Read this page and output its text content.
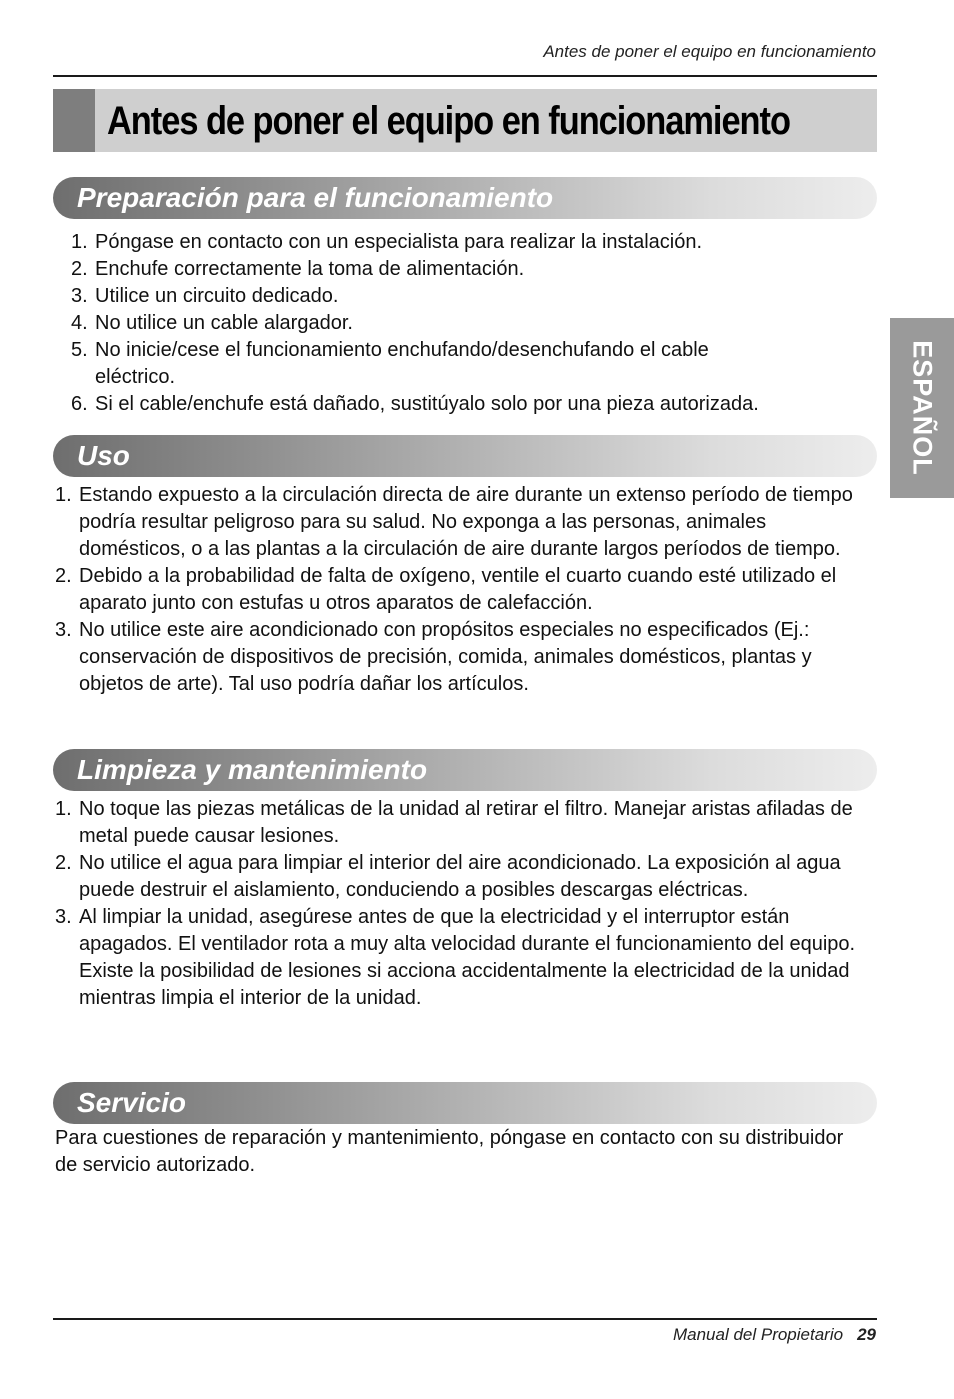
Antes de poner el equipo en funcionamiento
Antes de poner el equipo en funcionamiento
Preparación para el funcionamiento
1. Póngase en contacto con un especialista para realizar la instalación.
2. Enchufe correctamente la toma de alimentación.
3. Utilice un circuito dedicado.
4. No utilice un cable alargador.
5. No inicie/cese el funcionamiento enchufando/desenchufando el cable eléctrico.
6. Si el cable/enchufe está dañado, sustitúyalo solo por una pieza autorizada.
Uso
1. Estando expuesto a la circulación directa de aire durante un extenso período de tiempo podría resultar peligroso para su salud. No exponga a las personas, animales domésticos, o a las plantas a la circulación de aire durante largos períodos de tiempo.
2. Debido a la probabilidad de falta de oxígeno, ventile el cuarto cuando esté utilizado el aparato junto con estufas u otros aparatos de calefacción.
3. No utilice este aire acondicionado con propósitos especiales no especificados (Ej.: conservación de dispositivos de precisión, comida, animales domésticos, plantas y objetos de arte). Tal uso podría dañar los artículos.
Limpieza y mantenimiento
1. No toque las piezas metálicas de la unidad al retirar el filtro. Manejar aristas afiladas de metal puede causar lesiones.
2. No utilice el agua para limpiar el interior del aire acondicionado. La exposición al agua puede destruir el aislamiento, conduciendo a posibles descargas eléctricas.
3. Al limpiar la unidad, asegúrese antes de que la electricidad y el interruptor están apagados. El ventilador rota a muy alta velocidad durante el funcionamiento del equipo. Existe la posibilidad de lesiones si acciona accidentalmente la electricidad de la unidad mientras limpia el interior de la unidad.
Servicio

Para cuestiones de reparación y mantenimiento, póngase en contacto con su distribuidor de servicio autorizado.

ESPAÑOL
Manual del Propietario 29
